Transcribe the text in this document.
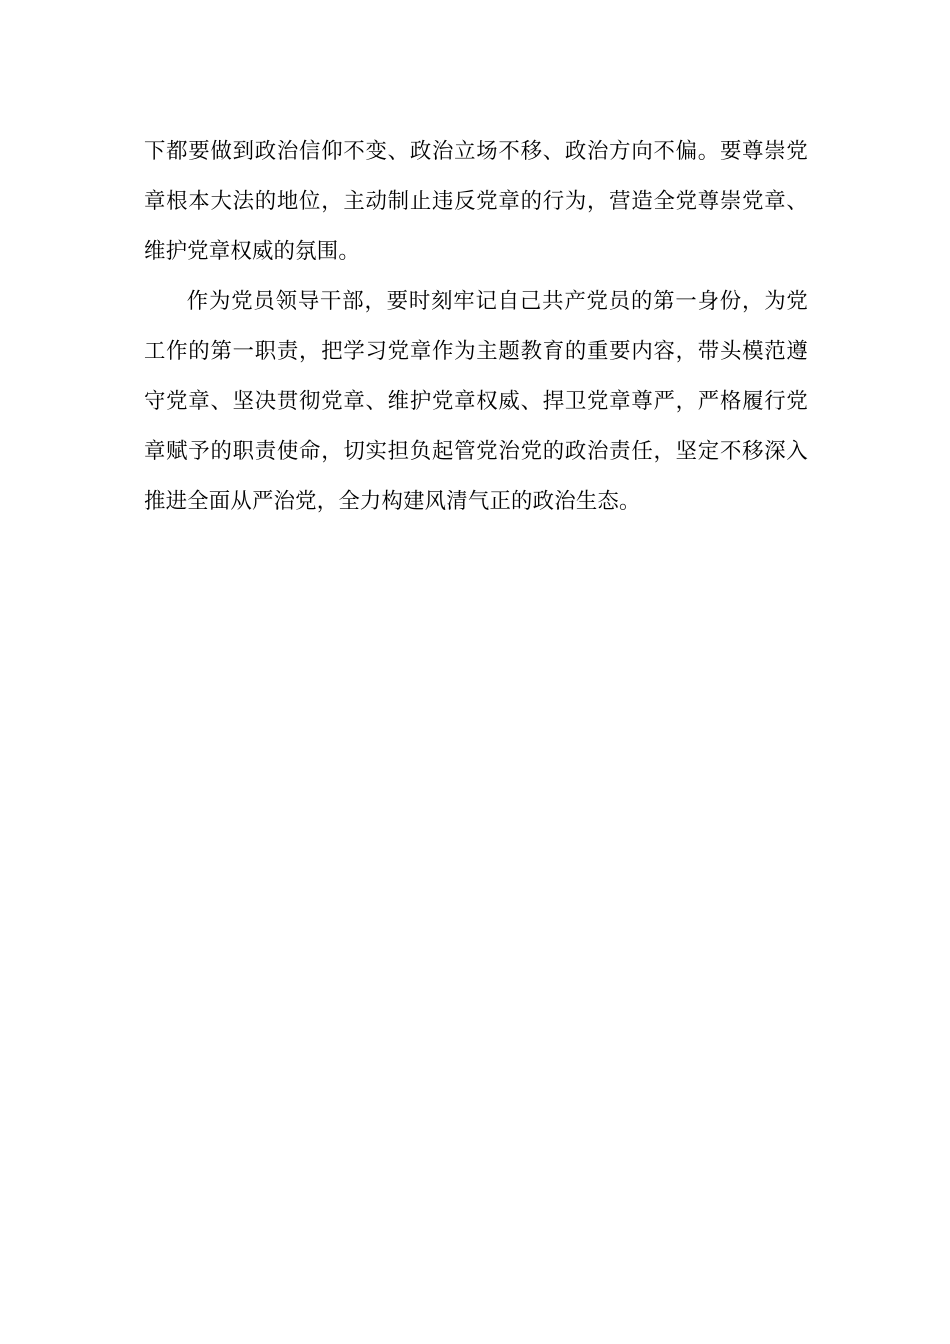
下都要做到政治信仰不变、政治立场不移、政治方向不偏。要尊崇党章根本大法的地位，主动制止违反党章的行为，营造全党尊崇党章、维护党章权威的氛围。

作为党员领导干部，要时刻牢记自己共产党员的第一身份，为党工作的第一职责，把学习党章作为主题教育的重要内容，带头模范遵守党章、坚决贯彻党章、维护党章权威、捍卫党章尊严，严格履行党章赋予的职责使命，切实担负起管党治党的政治责任，坚定不移深入推进全面从严治党，全力构建风清气正的政治生态。
